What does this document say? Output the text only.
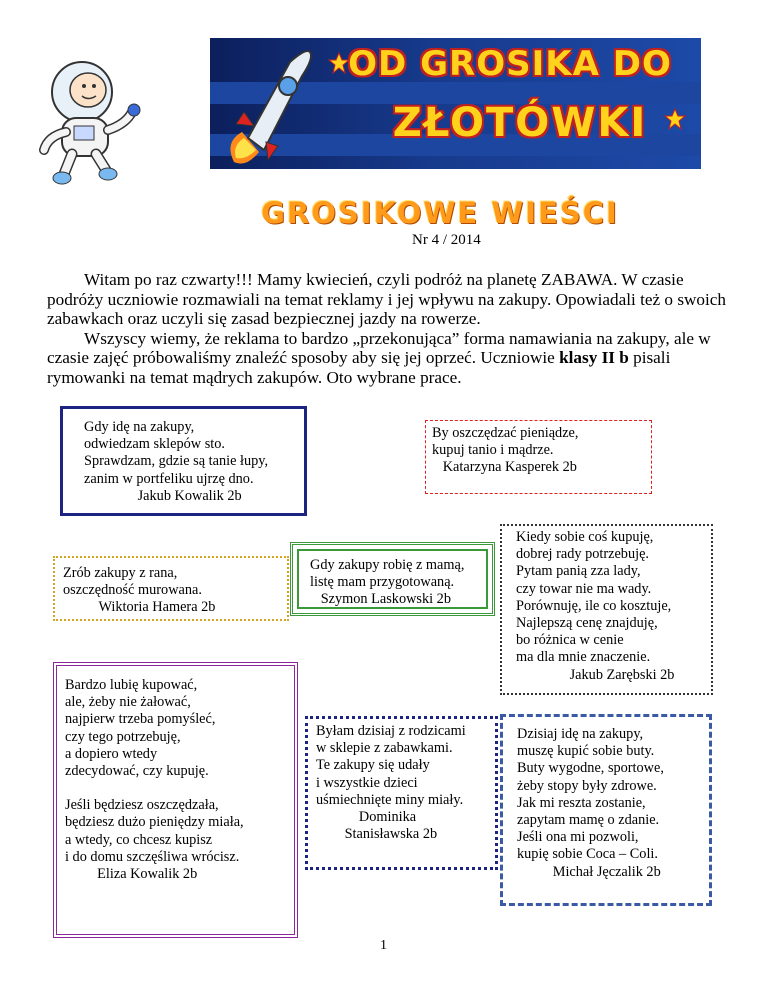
OD GROSIKA DO
ZŁOTÓWKI
GROSIKOWE WIEŚCI
Nr 4 / 2014

Witam po raz czwarty!!! Mamy kwiecień, czyli podróż na planetę ZABAWA. W czasie podróży uczniowie rozmawiali na temat reklamy i jej wpływu na zakupy. Opowiadali też o swoich zabawkach oraz uczyli się zasad bezpiecznej jazdy na rowerze.

Wszyscy wiemy, że reklama to bardzo „przekonująca” forma namawiania na zakupy, ale w czasie zajęć próbowaliśmy znaleźć sposoby aby się jej oprzeć. Uczniowie klasy II b pisali rymowanki na temat mądrych zakupów. Oto wybrane prace.

Gdy idę na zakupy,

odwiedzam sklepów sto.

Sprawdzam, gdzie są tanie łupy,

zanim w portfeliku ujrzę dno.

Jakub Kowalik 2b

By oszczędzać pieniądze,

kupuj tanio i mądrze.

Katarzyna Kasperek 2b

Zrób zakupy z rana,

oszczędność murowana.

Wiktoria Hamera 2b

Gdy zakupy robię z mamą,

listę mam przygotowaną.

Szymon Laskowski 2b

Kiedy sobie coś kupuję,

dobrej rady potrzebuję.

Pytam panią zza lady,

czy towar nie ma wady.

Porównuję, ile co kosztuje,

Najlepszą cenę znajduję,

bo różnica w cenie

ma dla mnie znaczenie.

Jakub Zarębski 2b

Bardzo lubię kupować,

ale, żeby nie żałować,

najpierw trzeba pomyśleć,

czy tego potrzebuję,

a dopiero wtedy

zdecydować, czy kupuję.

Jeśli będziesz oszczędzała,

będziesz dużo pieniędzy miała,

a wtedy, co chcesz kupisz

i do domu szczęśliwa wrócisz.

Eliza Kowalik 2b

Byłam dzisiaj z rodzicami

w sklepie z zabawkami.

Te zakupy się udały

i wszystkie dzieci

uśmiechnięte miny miały.

Dominika

Stanisławska 2b

Dzisiaj idę na zakupy,

muszę kupić sobie buty.

Buty wygodne, sportowe,

żeby stopy były zdrowe.

Jak mi reszta zostanie,

zapytam mamę o zdanie.

Jeśli ona mi pozwoli,

kupię sobie Coca – Coli.

Michał Jęczalik 2b

1
